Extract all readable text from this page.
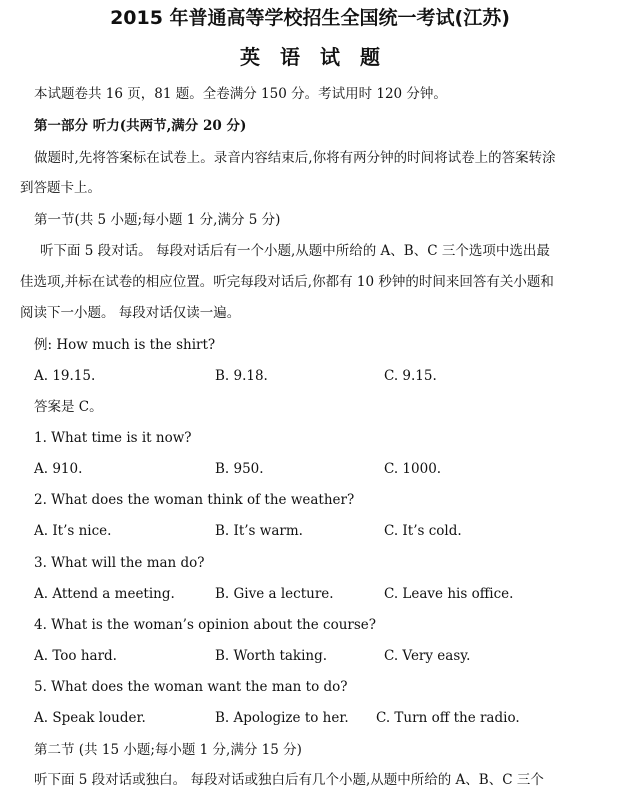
2015 年普通高等学校招生全国统一考试(江苏)
英语试题
本试题卷共 16 页，81 题。全卷满分 150 分。考试用时 120 分钟。
第一部分 听力(共两节,满分 20 分)
做题时,先将答案标在试卷上。录音内容结束后,你将有两分钟的时间将试卷上的答案转涂
到答题卡上。
第一节(共 5 小题;每小题 1 分,满分 5 分)
听下面 5 段对话。 每段对话后有一个小题,从题中所给的 A、B、C 三个选项中选出最
佳选项,并标在试卷的相应位置。听完每段对话后,你都有 10 秒钟的时间来回答有关小题和
阅读下一小题。 每段对话仅读一遍。
例: How much is the shirt?
A. 19.15.	B. 9.18.	C. 9.15.
答案是 C。
1. What time is it now?
A. 910.	B. 950.	C. 1000.
2. What does the woman think of the weather?
A. It’s nice.	B. It’s warm.	C. It’s cold.
3. What will the man do?
A. Attend a meeting.	B. Give a lecture.	C. Leave his office.
4. What is the woman’s opinion about the course?
A. Too hard.	B. Worth taking.	C. Very easy.
5. What does the woman want the man to do?
A. Speak louder.	B. Apologize to her. C. Turn off the radio.
第二节 (共 15 小题;每小题 1 分,满分 15 分)
听下面 5 段对话或独白。 每段对话或独白后有几个小题,从题中所给的 A、B、C 三个
